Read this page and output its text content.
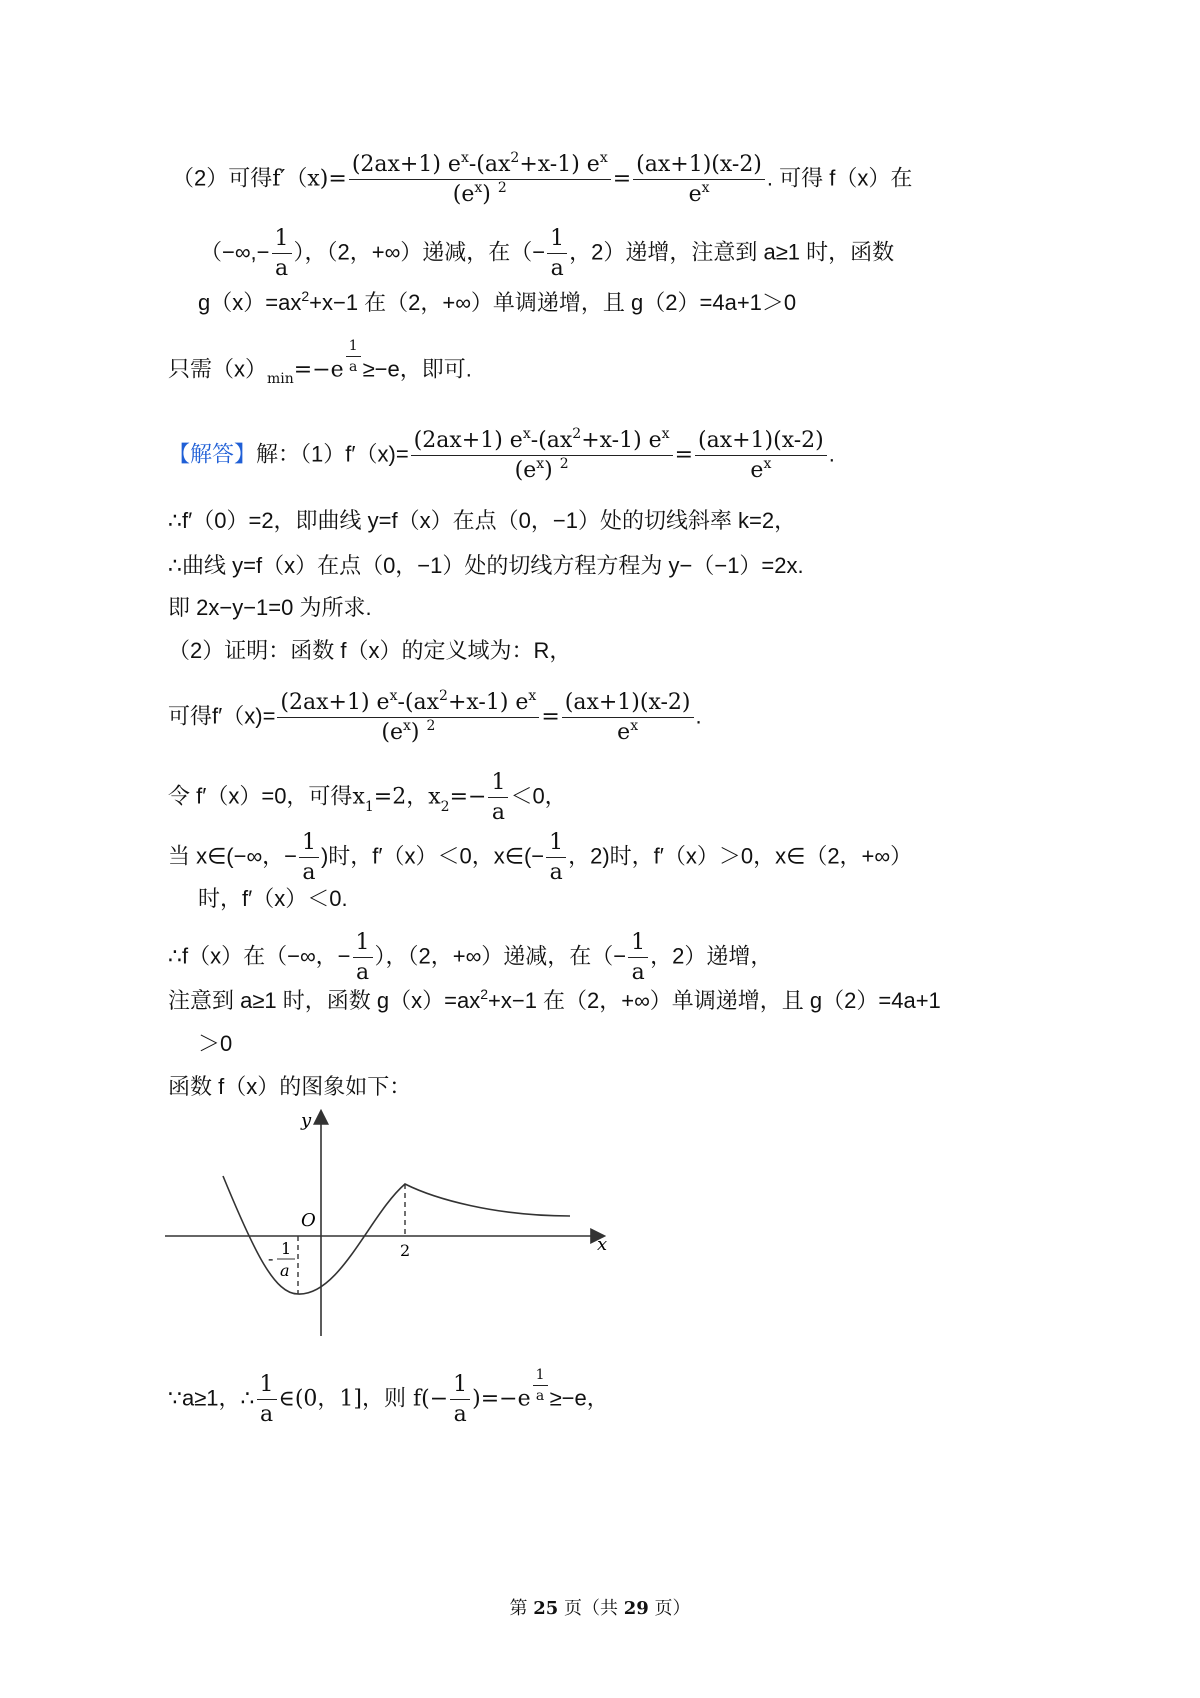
（2）可得$f'(x)= \frac{(2ax+1) e^x-(ax^2+x-1) e^x}{(e^x) ^2} = \frac{(ax+1)(x-2)}{e^x}$ . 可得 f（x）在
（−∞,− $\frac{1}{a}$ ），（2，+∞）递减，在（− $\frac{1}{a}$ ，2）递增，注意到 a≥1 时，函数
$g(x)=ax^2+x-1$ 在（2，+∞）单调递增，且 g（2）=4a+1＞0
只需$(x)_{min}=-e \frac{1}{a} \ge-e$，即可.
【解答】解：$(1)f'(x)= \frac{(2ax+1) e^x-(ax^2+x-1) e^x}{(e^x) ^2} = \frac{(ax+1)(x-2)}{e^x}$ .
∴f′（0）=2，即曲线 y=f（x）在点（0，−1）处的切线斜率 k=2，
∴曲线 y=f（x）在点（0，−1）处的切线方程方程为 y−（−1）=2x.
即 2x−y−1=0 为所求.
（2）证明：函数 f（x）的定义域为：R，
可得$f'(x)= \frac{(2ax+1) e^x-(ax^2+x-1) e^x}{(e^x) ^2} = \frac{(ax+1)(x-2)}{e^x}$ .
令 f′（x）=0，可得$x_1=2$，$x_2=- \frac{1}{a} <0$，
当 x∈(−∞，− $\frac{1}{a}$ )时，f′（x）＜0，x∈(− $\frac{1}{a}$ ，2)时，f′（x）＞0，x∈（2，+∞）
时，f′（x）＜0.
∴f（x）在（−∞，− $\frac{1}{a}$ ），（2，+∞）递减，在（− $\frac{1}{a}$ ，2）递增，
注意到 a≥1 时，函数 $g(x)=ax^2+x-1$ 在（2，+∞）单调递增，且 g（2）=4a+1
＞0
函数 f（x）的图象如下：
y
x
O
2
-
1
a
∵a≥1，∴ $\frac{1}{a}$ ∈(0，1]，则 $f(- \frac{1}{a} )=-e \frac{1}{a} \ge-e$，
第 25 页（共 29 页）
